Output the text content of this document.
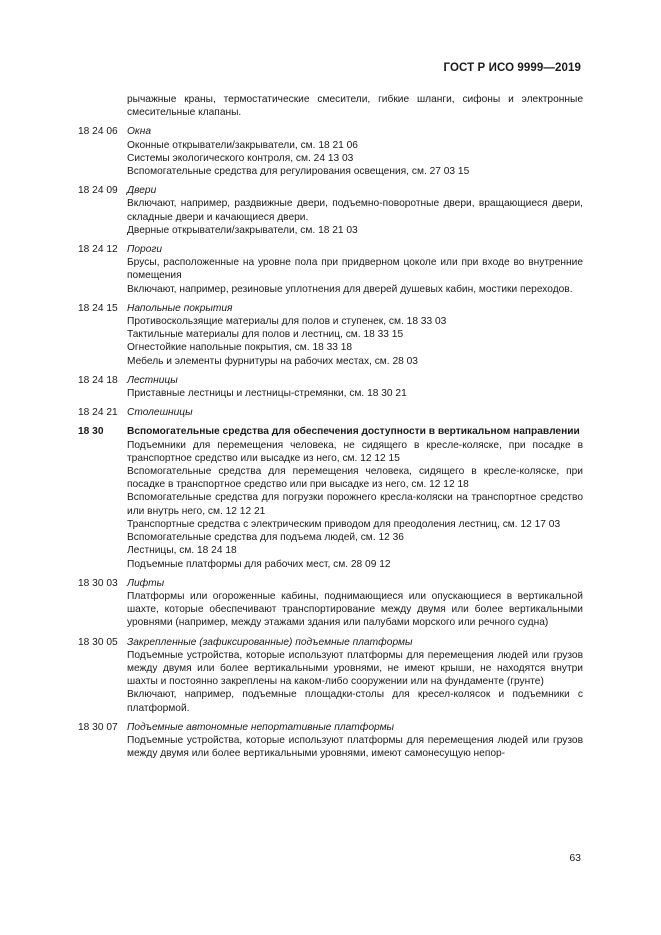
ГОСТ Р ИСО 9999—2019
рычажные краны, термостатические смесители, гибкие шланги, сифоны и электронные смесительные клапаны.
18 24 06 Окна
Оконные открыватели/закрыватели, см. 18 21 06
Системы экологического контроля, см. 24 13 03
Вспомогательные средства для регулирования освещения, см. 27 03 15
18 24 09 Двери
Включают, например, раздвижные двери, подъемно-поворотные двери, вращающиеся двери, складные двери и качающиеся двери.
Дверные открыватели/закрыватели, см. 18 21 03
18 24 12 Пороги
Брусы, расположенные на уровне пола при придверном цоколе или при входе во внутренние помещения
Включают, например, резиновые уплотнения для дверей душевых кабин, мостики переходов.
18 24 15 Напольные покрытия
Противоскользящие материалы для полов и ступенек, см. 18 33 03
Тактильные материалы для полов и лестниц, см. 18 33 15
Огнестойкие напольные покрытия, см. 18 33 18
Мебель и элементы фурнитуры на рабочих местах, см. 28 03
18 24 18 Лестницы
Приставные лестницы и лестницы-стремянки, см. 18 30 21
18 24 21 Столешницы
18 30	Вспомогательные средства для обеспечения доступности в вертикальном направлении
Подъемники для перемещения человека, не сидящего в кресле-коляске, при посадке в транспортное средство или высадке из него, см. 12 12 15
Вспомогательные средства для перемещения человека, сидящего в кресле-коляске, при посадке в транспортное средство или при высадке из него, см. 12 12 18
Вспомогательные средства для погрузки порожнего кресла-коляски на транспортное средство или внутрь него, см. 12 12 21
Транспортные средства с электрическим приводом для преодоления лестниц, см. 12 17 03
Вспомогательные средства для подъема людей, см. 12 36
Лестницы, см. 18 24 18
Подъемные платформы для рабочих мест, см. 28 09 12
18 30 03 Лифты
Платформы или огороженные кабины, поднимающиеся или опускающиеся в вертикальной шахте, которые обеспечивают транспортирование между двумя или более вертикальными уровнями (например, между этажами здания или палубами морского или речного судна)
18 30 05 Закрепленные (зафиксированные) подъемные платформы
Подъемные устройства, которые используют платформы для перемещения людей или грузов между двумя или более вертикальными уровнями, не имеют крыши, не находятся внутри шахты и постоянно закреплены на каком-либо сооружении или на фундаменте (грунте)
Включают, например, подъемные площадки-столы для кресел-колясок и подъемники с платформой.
18 30 07 Подъемные автономные непортативные платформы
Подъемные устройства, которые используют платформы для перемещения людей или грузов между двумя или более вертикальными уровнями, имеют самонесущую непор-
63
